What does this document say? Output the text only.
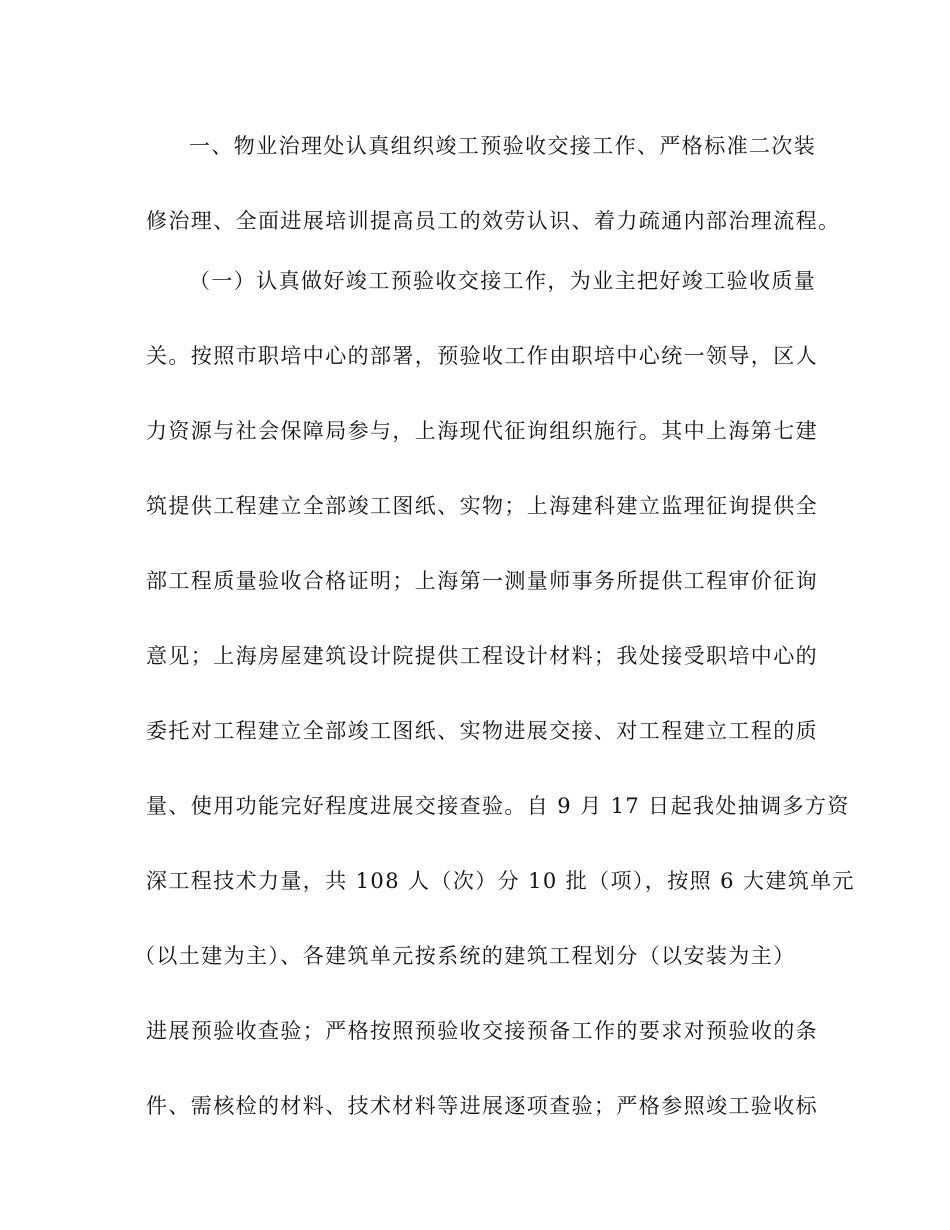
一、物业治理处认真组织竣工预验收交接工作、严格标准二次装
修治理、全面进展培训提高员工的效劳认识、着力疏通内部治理流程。
（一）认真做好竣工预验收交接工作，为业主把好竣工验收质量
关。按照市职培中心的部署，预验收工作由职培中心统一领导，区人
力资源与社会保障局参与，上海现代征询组织施行。其中上海第七建
筑提供工程建立全部竣工图纸、实物；上海建科建立监理征询提供全
部工程质量验收合格证明；上海第一测量师事务所提供工程审价征询
意见；上海房屋建筑设计院提供工程设计材料；我处接受职培中心的
委托对工程建立全部竣工图纸、实物进展交接、对工程建立工程的质
量、使用功能完好程度进展交接查验。自 9 月 17 日起我处抽调多方资
深工程技术力量，共 108 人（次）分 10 批（项），按照 6 大建筑单元
（以土建为主）、各建筑单元按系统的建筑工程划分（以安装为主）
进展预验收查验；严格按照预验收交接预备工作的要求对预验收的条
件、需核检的材料、技术材料等进展逐项查验；严格参照竣工验收标
